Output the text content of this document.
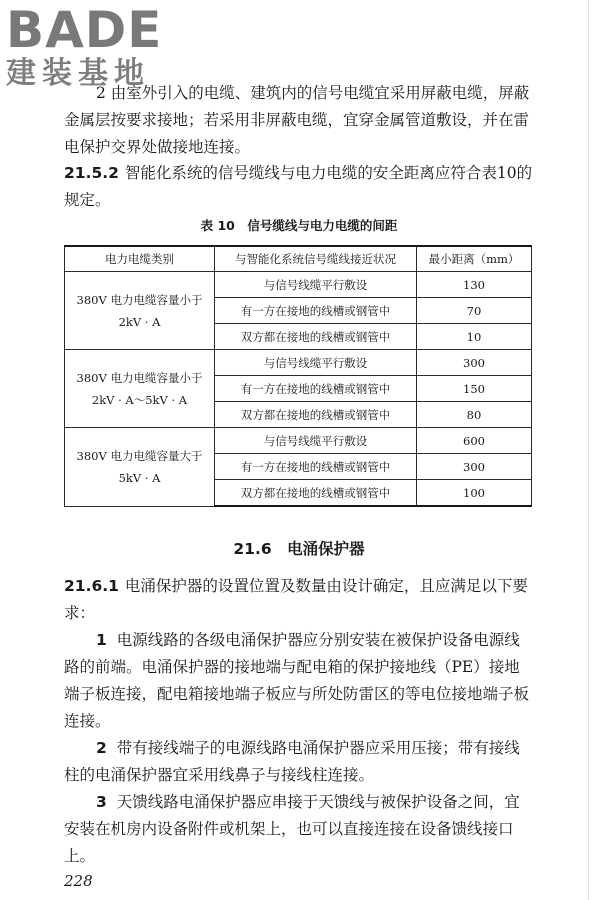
BADE
建装基地
2 由室外引入的电缆、建筑内的信号电缆宜采用屏蔽电缆，屏蔽金属层按要求接地；若采用非屏蔽电缆，宜穿金属管道敷设，并在雷电保护交界处做接地连接。
21.5.2 智能化系统的信号缆线与电力电缆的安全距离应符合表10的规定。
表 10　信号缆线与电力电缆的间距
电力电缆类别	与智能化系统信号缆线接近状况	最小距离（mm）
380V 电力电缆容量小于 2kV · A	与信号线缆平行敷设	130
	有一方在接地的线槽或钢管中	70
	双方都在接地的线槽或钢管中	10
380V 电力电缆容量小于 2kV · A～5kV · A	与信号线缆平行敷设	300
	有一方在接地的线槽或钢管中	150
	双方都在接地的线槽或钢管中	80
380V 电力电缆容量大于 5kV · A	与信号线缆平行敷设	600
	有一方在接地的线槽或钢管中	300
	双方都在接地的线槽或钢管中	100
21.6　电涌保护器
21.6.1 电涌保护器的设置位置及数量由设计确定，且应满足以下要求：
1 电源线路的各级电涌保护器应分别安装在被保护设备电源线路的前端。电涌保护器的接地端与配电箱的保护接地线（PE）接地端子板连接，配电箱接地端子板应与所处防雷区的等电位接地端子板连接。
2 带有接线端子的电源线路电涌保护器应采用压接；带有接线柱的电涌保护器宜采用线鼻子与接线柱连接。
3 天馈线路电涌保护器应串接于天馈线与被保护设备之间，宜安装在机房内设备附件或机架上，也可以直接连接在设备馈线接口上。
228
